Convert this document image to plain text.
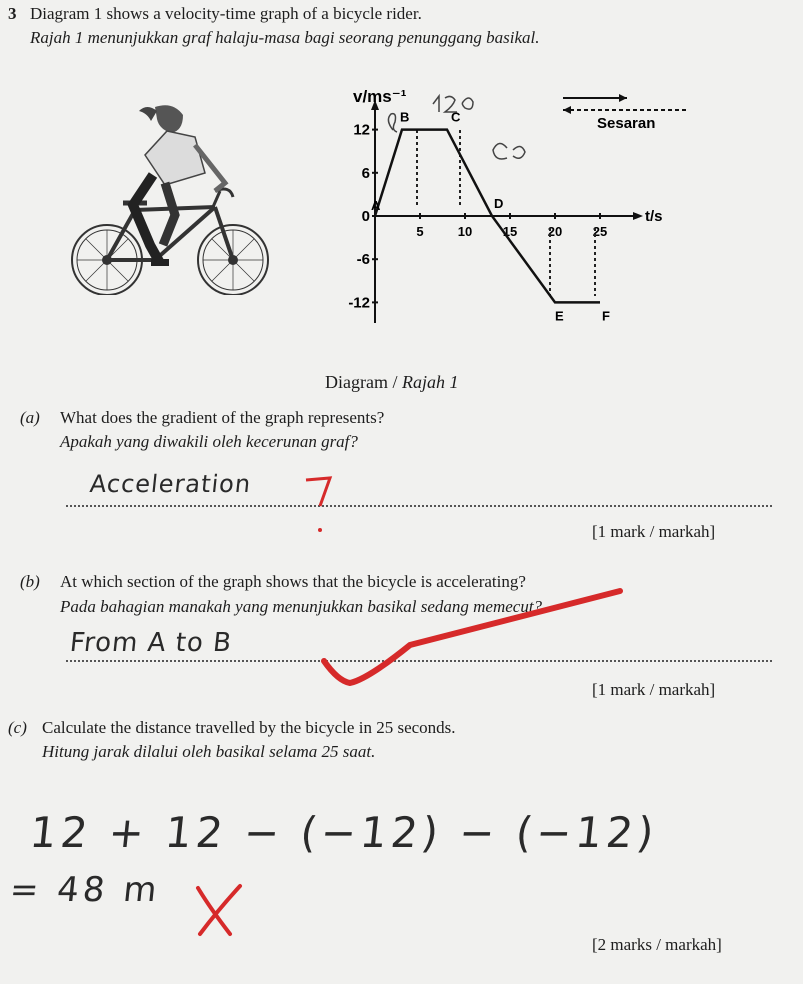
3 Diagram 1 shows a velocity-time graph of a bicycle rider.
Rajah 1 menunjukkan graf halaju-masa bagi seorang penunggang basikal.
v/ms⁻¹
t/s
12
6
0
-6
-12
5	10 15 20 25
A
B	C
D
E	F
Sesaran
Diagram / Rajah 1
(a) What does the gradient of the graph represents?
Apakah yang diwakili oleh kecerunan graf?
Acceleration
[1 mark / markah]
(b) At which section of the graph shows that the bicycle is accelerating?
Pada bahagian manakah yang menunjukkan basikal sedang memecut?
From A to B
[1 mark / markah]
(c) Calculate the distance travelled by the bicycle in 25 seconds.
Hitung jarak dilalui oleh basikal selama 25 saat.
12 + 12 − (−12) − (−12)
= 48 m
[2 marks / markah]
